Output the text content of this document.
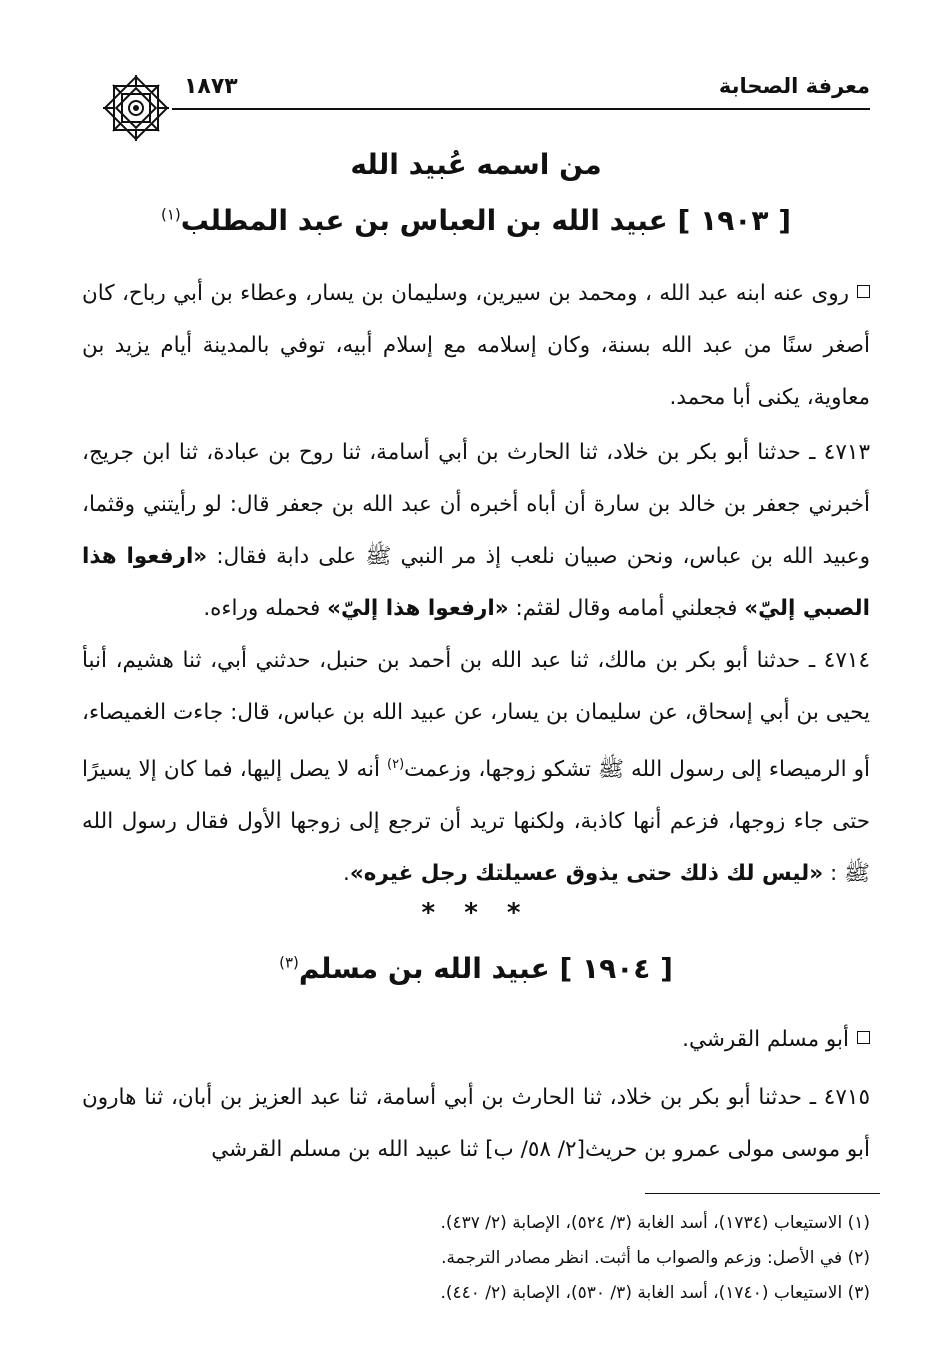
معرفة الصحابة
١٨٧٣
من اسمه عُبيد الله
[ ١٩٠٣ ] عبيد الله بن العباس بن عبد المطلب$^{(١)}$
روى عنه ابنه عبد الله ، ومحمد بن سيرين، وسليمان بن يسار، وعطاء بن أبي رباح، كان أصغر سنًا من عبد الله بسنة، وكان إسلامه مع إسلام أبيه، توفي بالمدينة أيام يزيد بن معاوية، يكنى أبا محمد.
٤٧١٣ ـ حدثنا أبو بكر بن خلاد، ثنا الحارث بن أبي أسامة، ثنا روح بن عبادة، ثنا ابن جريج، أخبرني جعفر بن خالد بن سارة أن أباه أخبره أن عبد الله بن جعفر قال: لو رأيتني وقثما، وعبيد الله بن عباس، ونحن صبيان نلعب إذ مر النبي ﷺ على دابة فقال: «ارفعوا هذا الصبي إليّ» فجعلني أمامه وقال لقثم: «ارفعوا هذا إليّ» فحمله وراءه.
٤٧١٤ ـ حدثنا أبو بكر بن مالك، ثنا عبد الله بن أحمد بن حنبل، حدثني أبي، ثنا هشيم، أنبأ يحيى بن أبي إسحاق، عن سليمان بن يسار، عن عبيد الله بن عباس، قال: جاءت الغميصاء، أو الرميصاء إلى رسول الله ﷺ تشكو زوجها، وزعمت$^{(٢)}$ أنه لا يصل إليها، فما كان إلا يسيرًا حتى جاء زوجها، فزعم أنها كاذبة، ولكنها تريد أن ترجع إلى زوجها الأول فقال رسول الله ﷺ : «ليس لك ذلك حتى يذوق عسيلتك رجل غيره».
* * *
[ ١٩٠٤ ] عبيد الله بن مسلم$^{(٣)}$
أبو مسلم القرشي.
٤٧١٥ ـ حدثنا أبو بكر بن خلاد، ثنا الحارث بن أبي أسامة، ثنا عبد العزيز بن أبان، ثنا هارون أبو موسى مولى عمرو بن حريث[٢/ ٥٨/ ب] ثنا عبيد الله بن مسلم القرشي
(١) الاستيعاب (١٧٣٤)، أسد الغابة (٣/ ٥٢٤)، الإصابة (٢/ ٤٣٧).
(٢) في الأصل: وزعم والصواب ما أثبت. انظر مصادر الترجمة.
(٣) الاستيعاب (١٧٤٠)، أسد الغابة (٣/ ٥٣٠)، الإصابة (٢/ ٤٤٠).
